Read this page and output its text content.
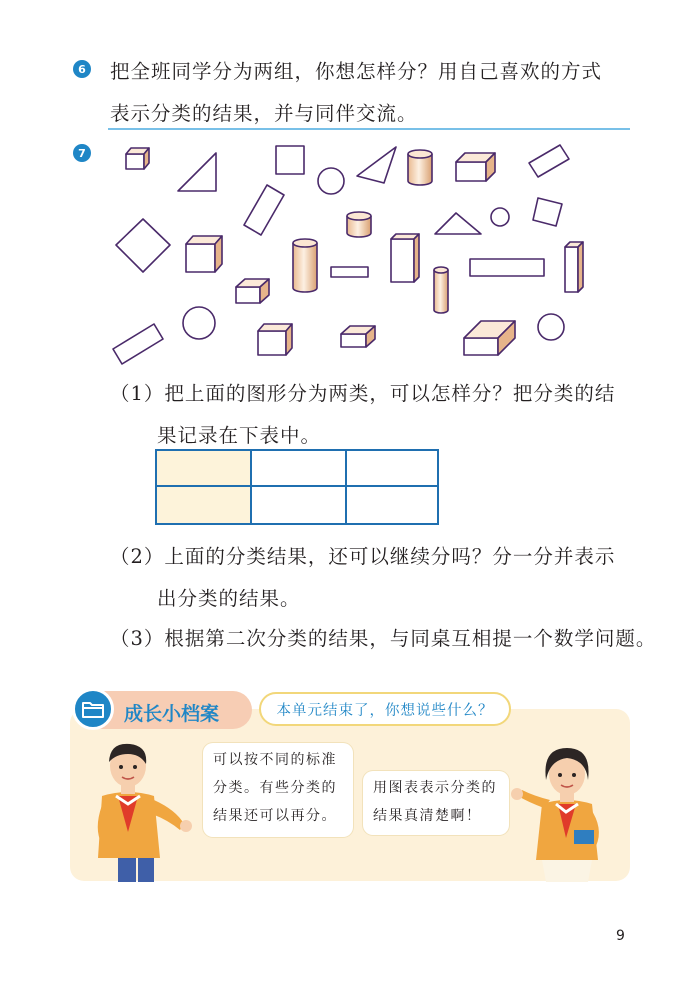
6 把全班同学分为两组，你想怎样分？用自己喜欢的方式
表示分类的结果，并与同伴交流。
7
（1）把上面的图形分为两类，可以怎样分？把分类的结
果记录在下表中。
（2）上面的分类结果，还可以继续分吗？分一分并表示
出分类的结果。
（3）根据第二次分类的结果，与同桌互相提一个数学问题。
成长小档案	本单元结束了，你想说些什么？
可以按不同的标准
分类。有些分类的
结果还可以再分。
用图表表示分类的
结果真清楚啊！
9
